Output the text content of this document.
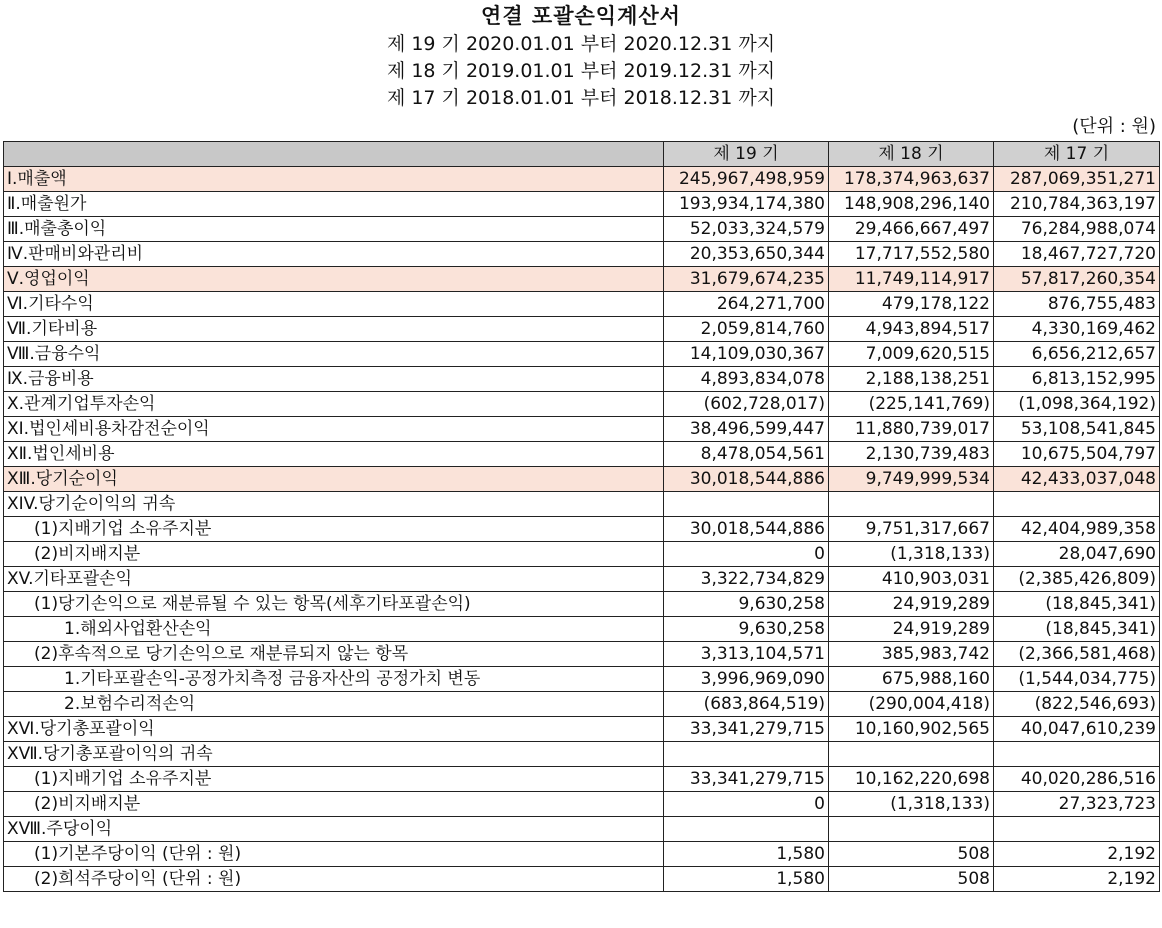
연결 포괄손익계산서
제 19 기 2020.01.01 부터 2020.12.31 까지
제 18 기 2019.01.01 부터 2019.12.31 까지
제 17 기 2018.01.01 부터 2018.12.31 까지
(단위 : 원)
	제 19 기	제 18 기	제 17 기
Ⅰ.매출액	245,967,498,959	178,374,963,637	287,069,351,271
Ⅱ.매출원가	193,934,174,380	148,908,296,140	210,784,363,197
Ⅲ.매출총이익	52,033,324,579	29,466,667,497	76,284,988,074
Ⅳ.판매비와관리비	20,353,650,344	17,717,552,580	18,467,727,720
Ⅴ.영업이익	31,679,674,235	11,749,114,917	57,817,260,354
Ⅵ.기타수익	264,271,700	479,178,122	876,755,483
Ⅶ.기타비용	2,059,814,760	4,943,894,517	4,330,169,462
Ⅷ.금융수익	14,109,030,367	7,009,620,515	6,656,212,657
Ⅸ.금융비용	4,893,834,078	2,188,138,251	6,813,152,995
Ⅹ.관계기업투자손익	(602,728,017)	(225,141,769)	(1,098,364,192)
XI.법인세비용차감전순이익	38,496,599,447	11,880,739,017	53,108,541,845
XⅡ.법인세비용	8,478,054,561	2,130,739,483	10,675,504,797
XⅢ.당기순이익	30,018,544,886	9,749,999,534	42,433,037,048
XIV.당기순이익의 귀속			
(1)지배기업 소유주지분	30,018,544,886	9,751,317,667	42,404,989,358
(2)비지배지분	0	(1,318,133)	28,047,690
XV.기타포괄손익	3,322,734,829	410,903,031	(2,385,426,809)
(1)당기손익으로 재분류될 수 있는 항목(세후기타포괄손익)	9,630,258	24,919,289	(18,845,341)
1.해외사업환산손익	9,630,258	24,919,289	(18,845,341)
(2)후속적으로 당기손익으로 재분류되지 않는 항목	3,313,104,571	385,983,742	(2,366,581,468)
1.기타포괄손익-공정가치측정 금융자산의 공정가치 변동	3,996,969,090	675,988,160	(1,544,034,775)
2.보험수리적손익	(683,864,519)	(290,004,418)	(822,546,693)
XⅥ.당기총포괄이익	33,341,279,715	10,160,902,565	40,047,610,239
XⅦ.당기총포괄이익의 귀속			
(1)지배기업 소유주지분	33,341,279,715	10,162,220,698	40,020,286,516
(2)비지배지분	0	(1,318,133)	27,323,723
XⅧ.주당이익			
(1)기본주당이익 (단위 : 원)	1,580	508	2,192
(2)희석주당이익 (단위 : 원)	1,580	508	2,192
